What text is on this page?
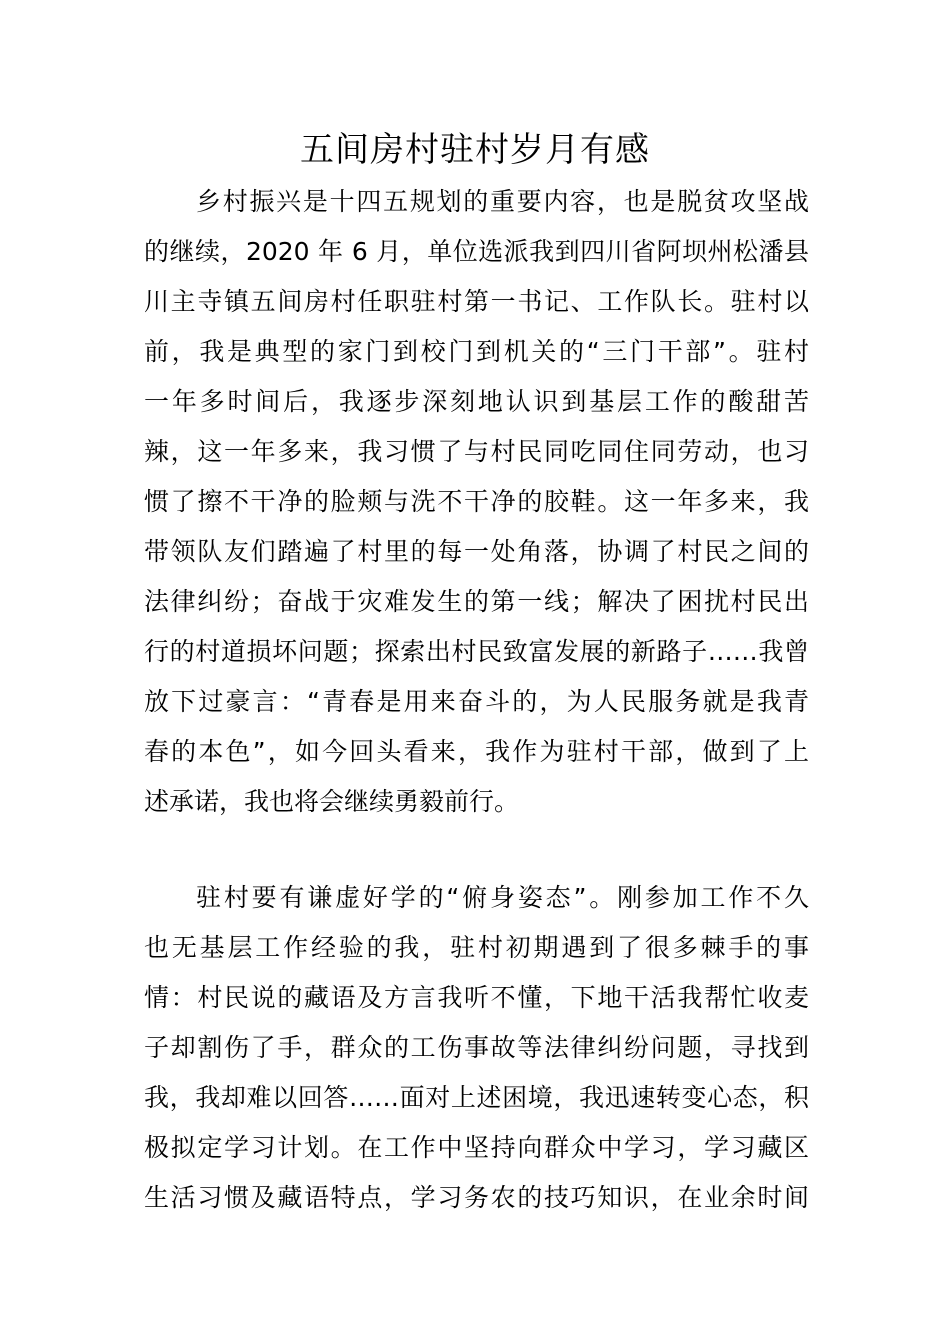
五间房村驻村岁月有感
乡村振兴是十四五规划的重要内容，也是脱贫攻坚战
的继续，2020 年 6 月，单位选派我到四川省阿坝州松潘县
川主寺镇五间房村任职驻村第一书记、工作队长。驻村以
前，我是典型的家门到校门到机关的“三门干部”。驻村
一年多时间后，我逐步深刻地认识到基层工作的酸甜苦
辣，这一年多来，我习惯了与村民同吃同住同劳动，也习
惯了擦不干净的脸颊与洗不干净的胶鞋。这一年多来，我
带领队友们踏遍了村里的每一处角落，协调了村民之间的
法律纠纷；奋战于灾难发生的第一线；解决了困扰村民出
行的村道损坏问题；探索出村民致富发展的新路子……我曾
放下过豪言：“青春是用来奋斗的，为人民服务就是我青
春的本色”，如今回头看来，我作为驻村干部，做到了上
述承诺，我也将会继续勇毅前行。
驻村要有谦虚好学的“俯身姿态”。刚参加工作不久
也无基层工作经验的我，驻村初期遇到了很多棘手的事
情：村民说的藏语及方言我听不懂，下地干活我帮忙收麦
子却割伤了手，群众的工伤事故等法律纠纷问题，寻找到
我，我却难以回答……面对上述困境，我迅速转变心态，积
极拟定学习计划。在工作中坚持向群众中学习，学习藏区
生活习惯及藏语特点，学习务农的技巧知识，在业余时间
